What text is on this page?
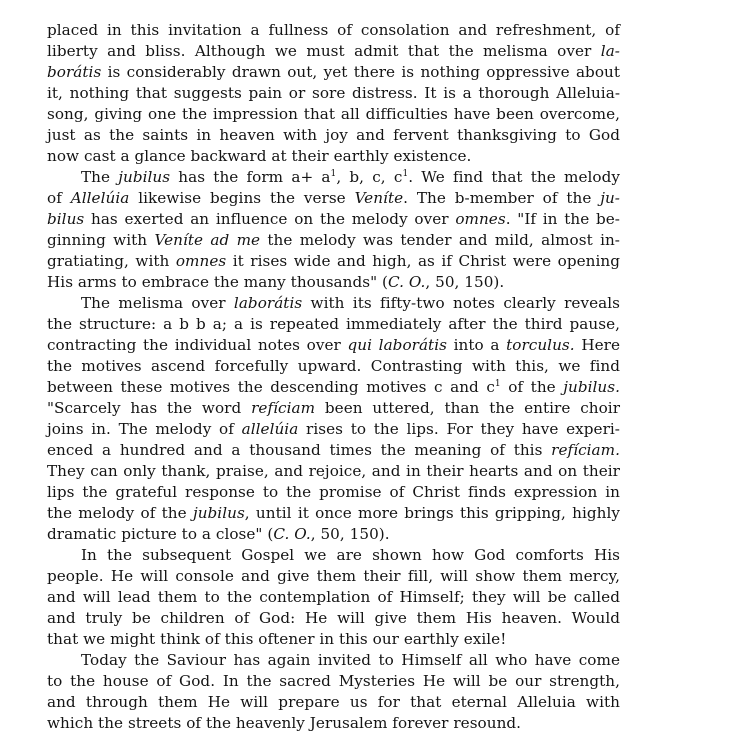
placed in this invitation a fullness of consolation and refreshment, of
liberty and bliss. Although we must admit that the melisma over la-
borátis is considerably drawn out, yet there is nothing oppressive about
it, nothing that suggests pain or sore distress. It is a thorough Alleluia-
song, giving one the impression that all difficulties have been overcome,
just as the saints in heaven with joy and fervent thanksgiving to God
now cast a glance backward at their earthly existence.
The jubilus has the form $a+ a^1$, b, c, $c^1$. We find that the melody
of Allelúia likewise begins the verse Veníte. The b-member of the ju-
bilus has exerted an influence on the melody over omnes. "If in the be-
ginning with Veníte ad me the melody was tender and mild, almost in-
gratiating, with omnes it rises wide and high, as if Christ were opening
His arms to embrace the many thousands" (C. O., 50, 150).
The melisma over laborátis with its fifty-two notes clearly reveals
the structure: a b b a; a is repeated immediately after the third pause,
contracting the individual notes over qui laborátis into a torculus. Here
the motives ascend forcefully upward. Contrasting with this, we find
between these motives the descending motives c and $c^1$ of the jubilus.
"Scarcely has the word refíciam been uttered, than the entire choir
joins in. The melody of allelúia rises to the lips. For they have experi-
enced a hundred and a thousand times the meaning of this refíciam.
They can only thank, praise, and rejoice, and in their hearts and on their
lips the grateful response to the promise of Christ finds expression in
the melody of the jubilus, until it once more brings this gripping, highly
dramatic picture to a close" (C. O., 50, 150).
In the subsequent Gospel we are shown how God comforts His
people. He will console and give them their fill, will show them mercy,
and will lead them to the contemplation of Himself; they will be called
and truly be children of God: He will give them His heaven. Would
that we might think of this oftener in this our earthly exile!
Today the Saviour has again invited to Himself all who have come
to the house of God. In the sacred Mysteries He will be our strength,
and through them He will prepare us for that eternal Alleluia with
which the streets of the heavenly Jerusalem forever resound.
